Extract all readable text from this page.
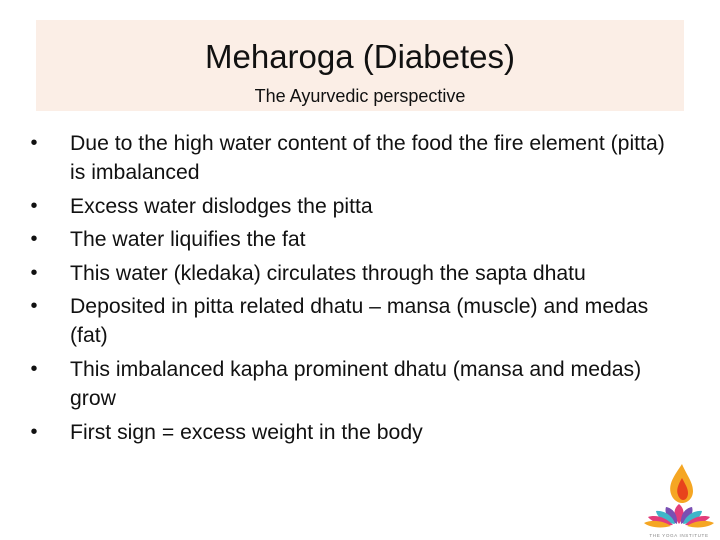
Meharoga (Diabetes)
The Ayurvedic perspective
• Due to the high water content of the food the fire element (pitta) is imbalanced
• Excess water dislodges the pitta
• The water liquifies the fat
• This water (kledaka) circulates through the sapta dhatu
• Deposited in pitta related dhatu – mansa (muscle) and medas (fat)
• This imbalanced kapha prominent dhatu (mansa and medas) grow
• First sign = excess weight in the body
THE YOGA INSTITUTE
